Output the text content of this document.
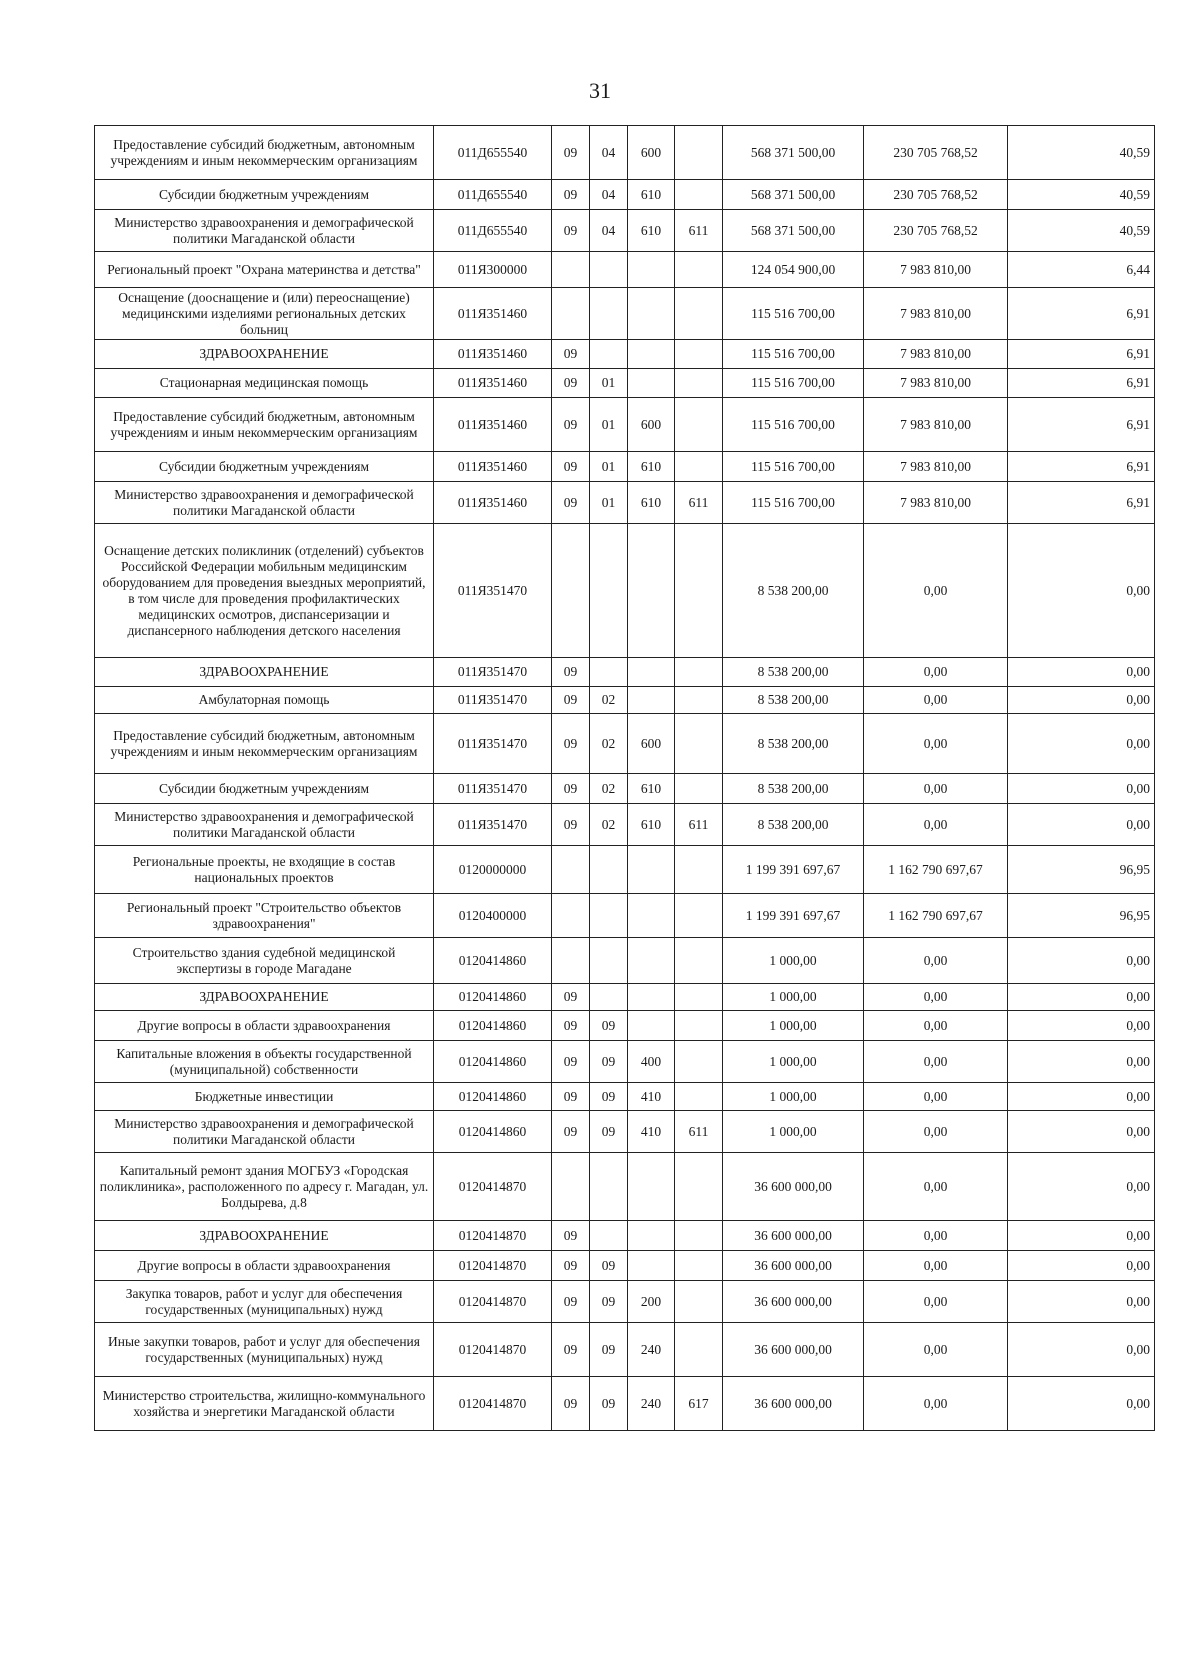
31
Предоставление субсидий бюджетным, автономным учреждениям и иным некоммерческим организациям	011Д655540	09	04	600		568 371 500,00	230 705 768,52	40,59
Субсидии бюджетным учреждениям	011Д655540	09	04	610		568 371 500,00	230 705 768,52	40,59
Министерство здравоохранения и демографической политики Магаданской области	011Д655540	09	04	610	611	568 371 500,00	230 705 768,52	40,59
Региональный проект "Охрана материнства и детства"	011Я300000					124 054 900,00	7 983 810,00	6,44
Оснащение (дооснащение и (или) переоснащение) медицинскими изделиями региональных детских больниц	011Я351460					115 516 700,00	7 983 810,00	6,91
ЗДРАВООХРАНЕНИЕ	011Я351460	09				115 516 700,00	7 983 810,00	6,91
Стационарная медицинская помощь	011Я351460	09	01			115 516 700,00	7 983 810,00	6,91
Предоставление субсидий бюджетным, автономным учреждениям и иным некоммерческим организациям	011Я351460	09	01	600		115 516 700,00	7 983 810,00	6,91
Субсидии бюджетным учреждениям	011Я351460	09	01	610		115 516 700,00	7 983 810,00	6,91
Министерство здравоохранения и демографической политики Магаданской области	011Я351460	09	01	610	611	115 516 700,00	7 983 810,00	6,91
Оснащение детских поликлиник (отделений) субъектов Российской Федерации мобильным медицинским оборудованием для проведения выездных мероприятий, в том числе для проведения профилактических медицинских осмотров, диспансеризации и диспансерного наблюдения детского населения	011Я351470					8 538 200,00	0,00	0,00
ЗДРАВООХРАНЕНИЕ	011Я351470	09				8 538 200,00	0,00	0,00
Амбулаторная помощь	011Я351470	09	02			8 538 200,00	0,00	0,00
Предоставление субсидий бюджетным, автономным учреждениям и иным некоммерческим организациям	011Я351470	09	02	600		8 538 200,00	0,00	0,00
Субсидии бюджетным учреждениям	011Я351470	09	02	610		8 538 200,00	0,00	0,00
Министерство здравоохранения и демографической политики Магаданской области	011Я351470	09	02	610	611	8 538 200,00	0,00	0,00
Региональные проекты, не входящие в состав национальных проектов	0120000000					1 199 391 697,67	1 162 790 697,67	96,95
Региональный проект "Строительство объектов здравоохранения"	0120400000					1 199 391 697,67	1 162 790 697,67	96,95
Строительство здания судебной медицинской экспертизы в городе Магадане	0120414860					1 000,00	0,00	0,00
ЗДРАВООХРАНЕНИЕ	0120414860	09				1 000,00	0,00	0,00
Другие вопросы в области здравоохранения	0120414860	09	09			1 000,00	0,00	0,00
Капитальные вложения в объекты государственной (муниципальной) собственности	0120414860	09	09	400		1 000,00	0,00	0,00
Бюджетные инвестиции	0120414860	09	09	410		1 000,00	0,00	0,00
Министерство здравоохранения и демографической политики Магаданской области	0120414860	09	09	410	611	1 000,00	0,00	0,00
Капитальный ремонт здания МОГБУЗ «Городская поликлиника», расположенного по адресу г. Магадан, ул. Болдырева, д.8	0120414870					36 600 000,00	0,00	0,00
ЗДРАВООХРАНЕНИЕ	0120414870	09				36 600 000,00	0,00	0,00
Другие вопросы в области здравоохранения	0120414870	09	09			36 600 000,00	0,00	0,00
Закупка товаров, работ и услуг для обеспечения государственных (муниципальных) нужд	0120414870	09	09	200		36 600 000,00	0,00	0,00
Иные закупки товаров, работ и услуг для обеспечения государственных (муниципальных) нужд	0120414870	09	09	240		36 600 000,00	0,00	0,00
Министерство строительства, жилищно-коммунального хозяйства и энергетики Магаданской области	0120414870	09	09	240	617	36 600 000,00	0,00	0,00
